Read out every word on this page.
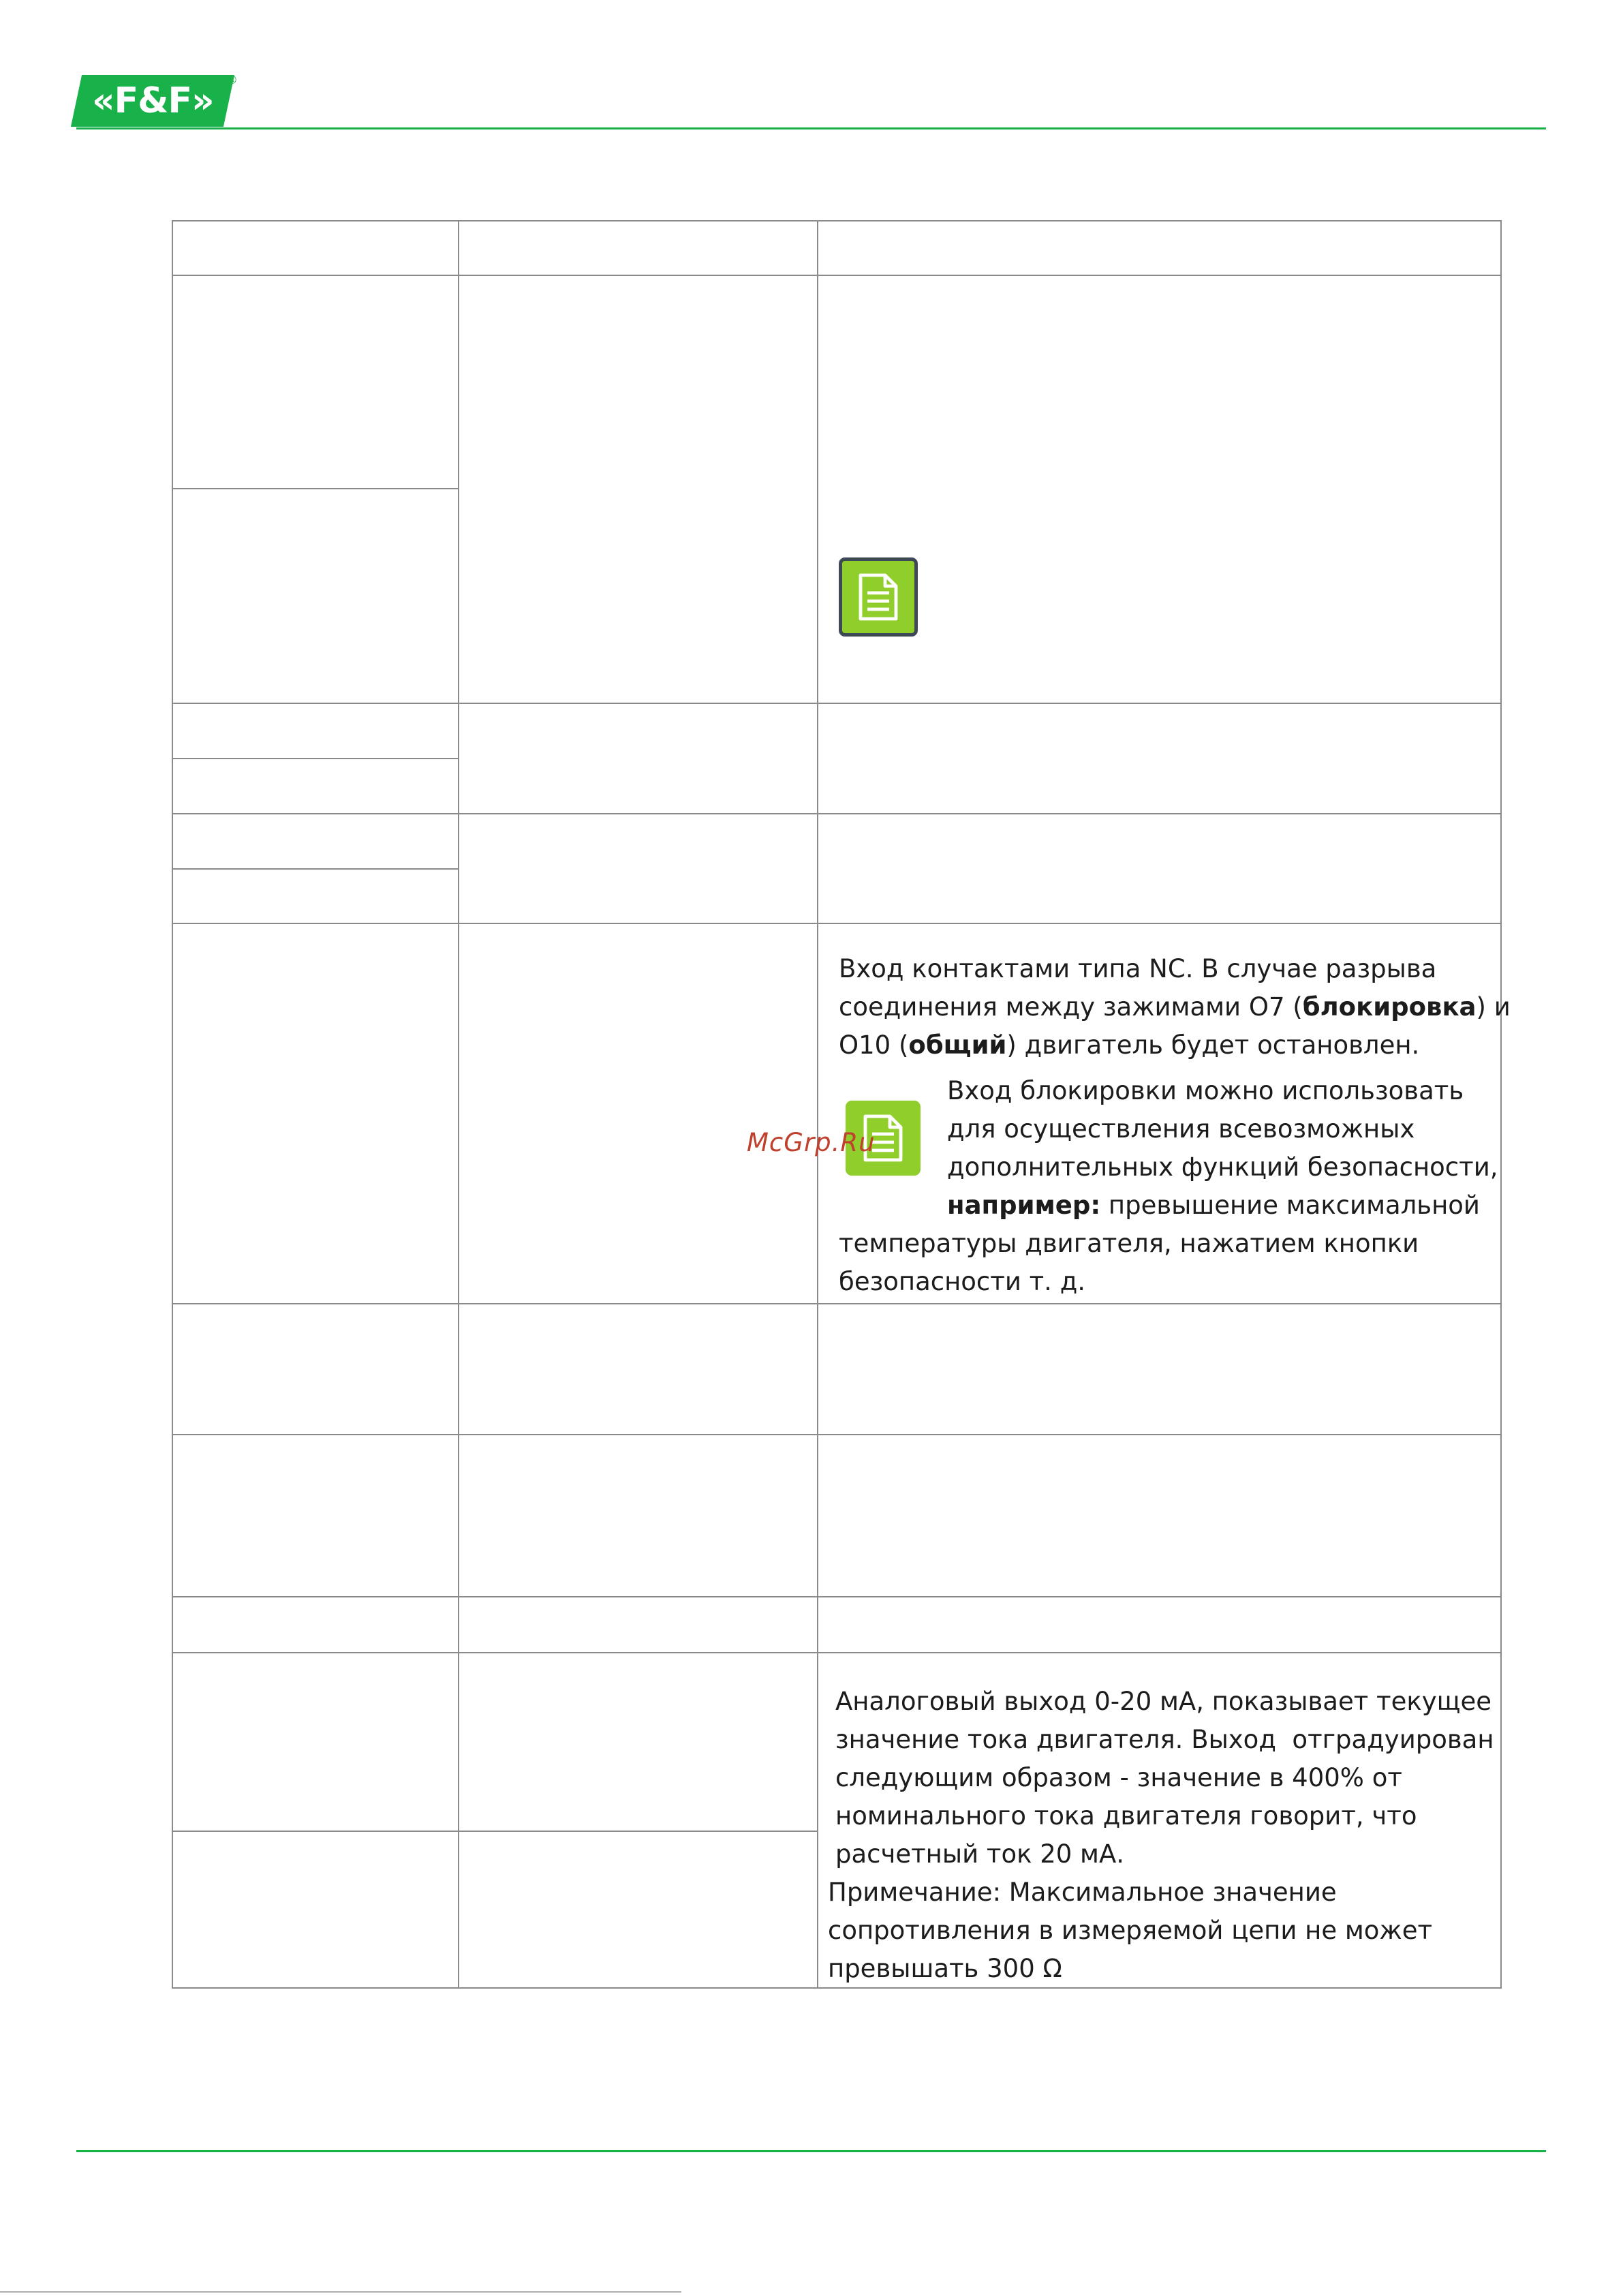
«F&F» ®
Вход контактами типа NC. В случае разрыва
соединения между зажимами O7 (блокировка) и
O10 (общий) двигатель будет остановлен.
Вход блокировки можно использовать
для осуществления всевозможных
дополнительных функций безопасности,
например: превышение максимальной
температуры двигателя, нажатием кнопки
безопасности т. д.
McGrp.Ru
Аналоговый выход 0-20 мА, показывает текущее
значение тока двигателя. Выход  отградуирован
следующим образом - значение в 400% от
номинального тока двигателя говорит, что
расчетный ток 20 мА.
Примечание: Максимальное значение
сопротивления в измеряемой цепи не может
превышать 300 Ω
